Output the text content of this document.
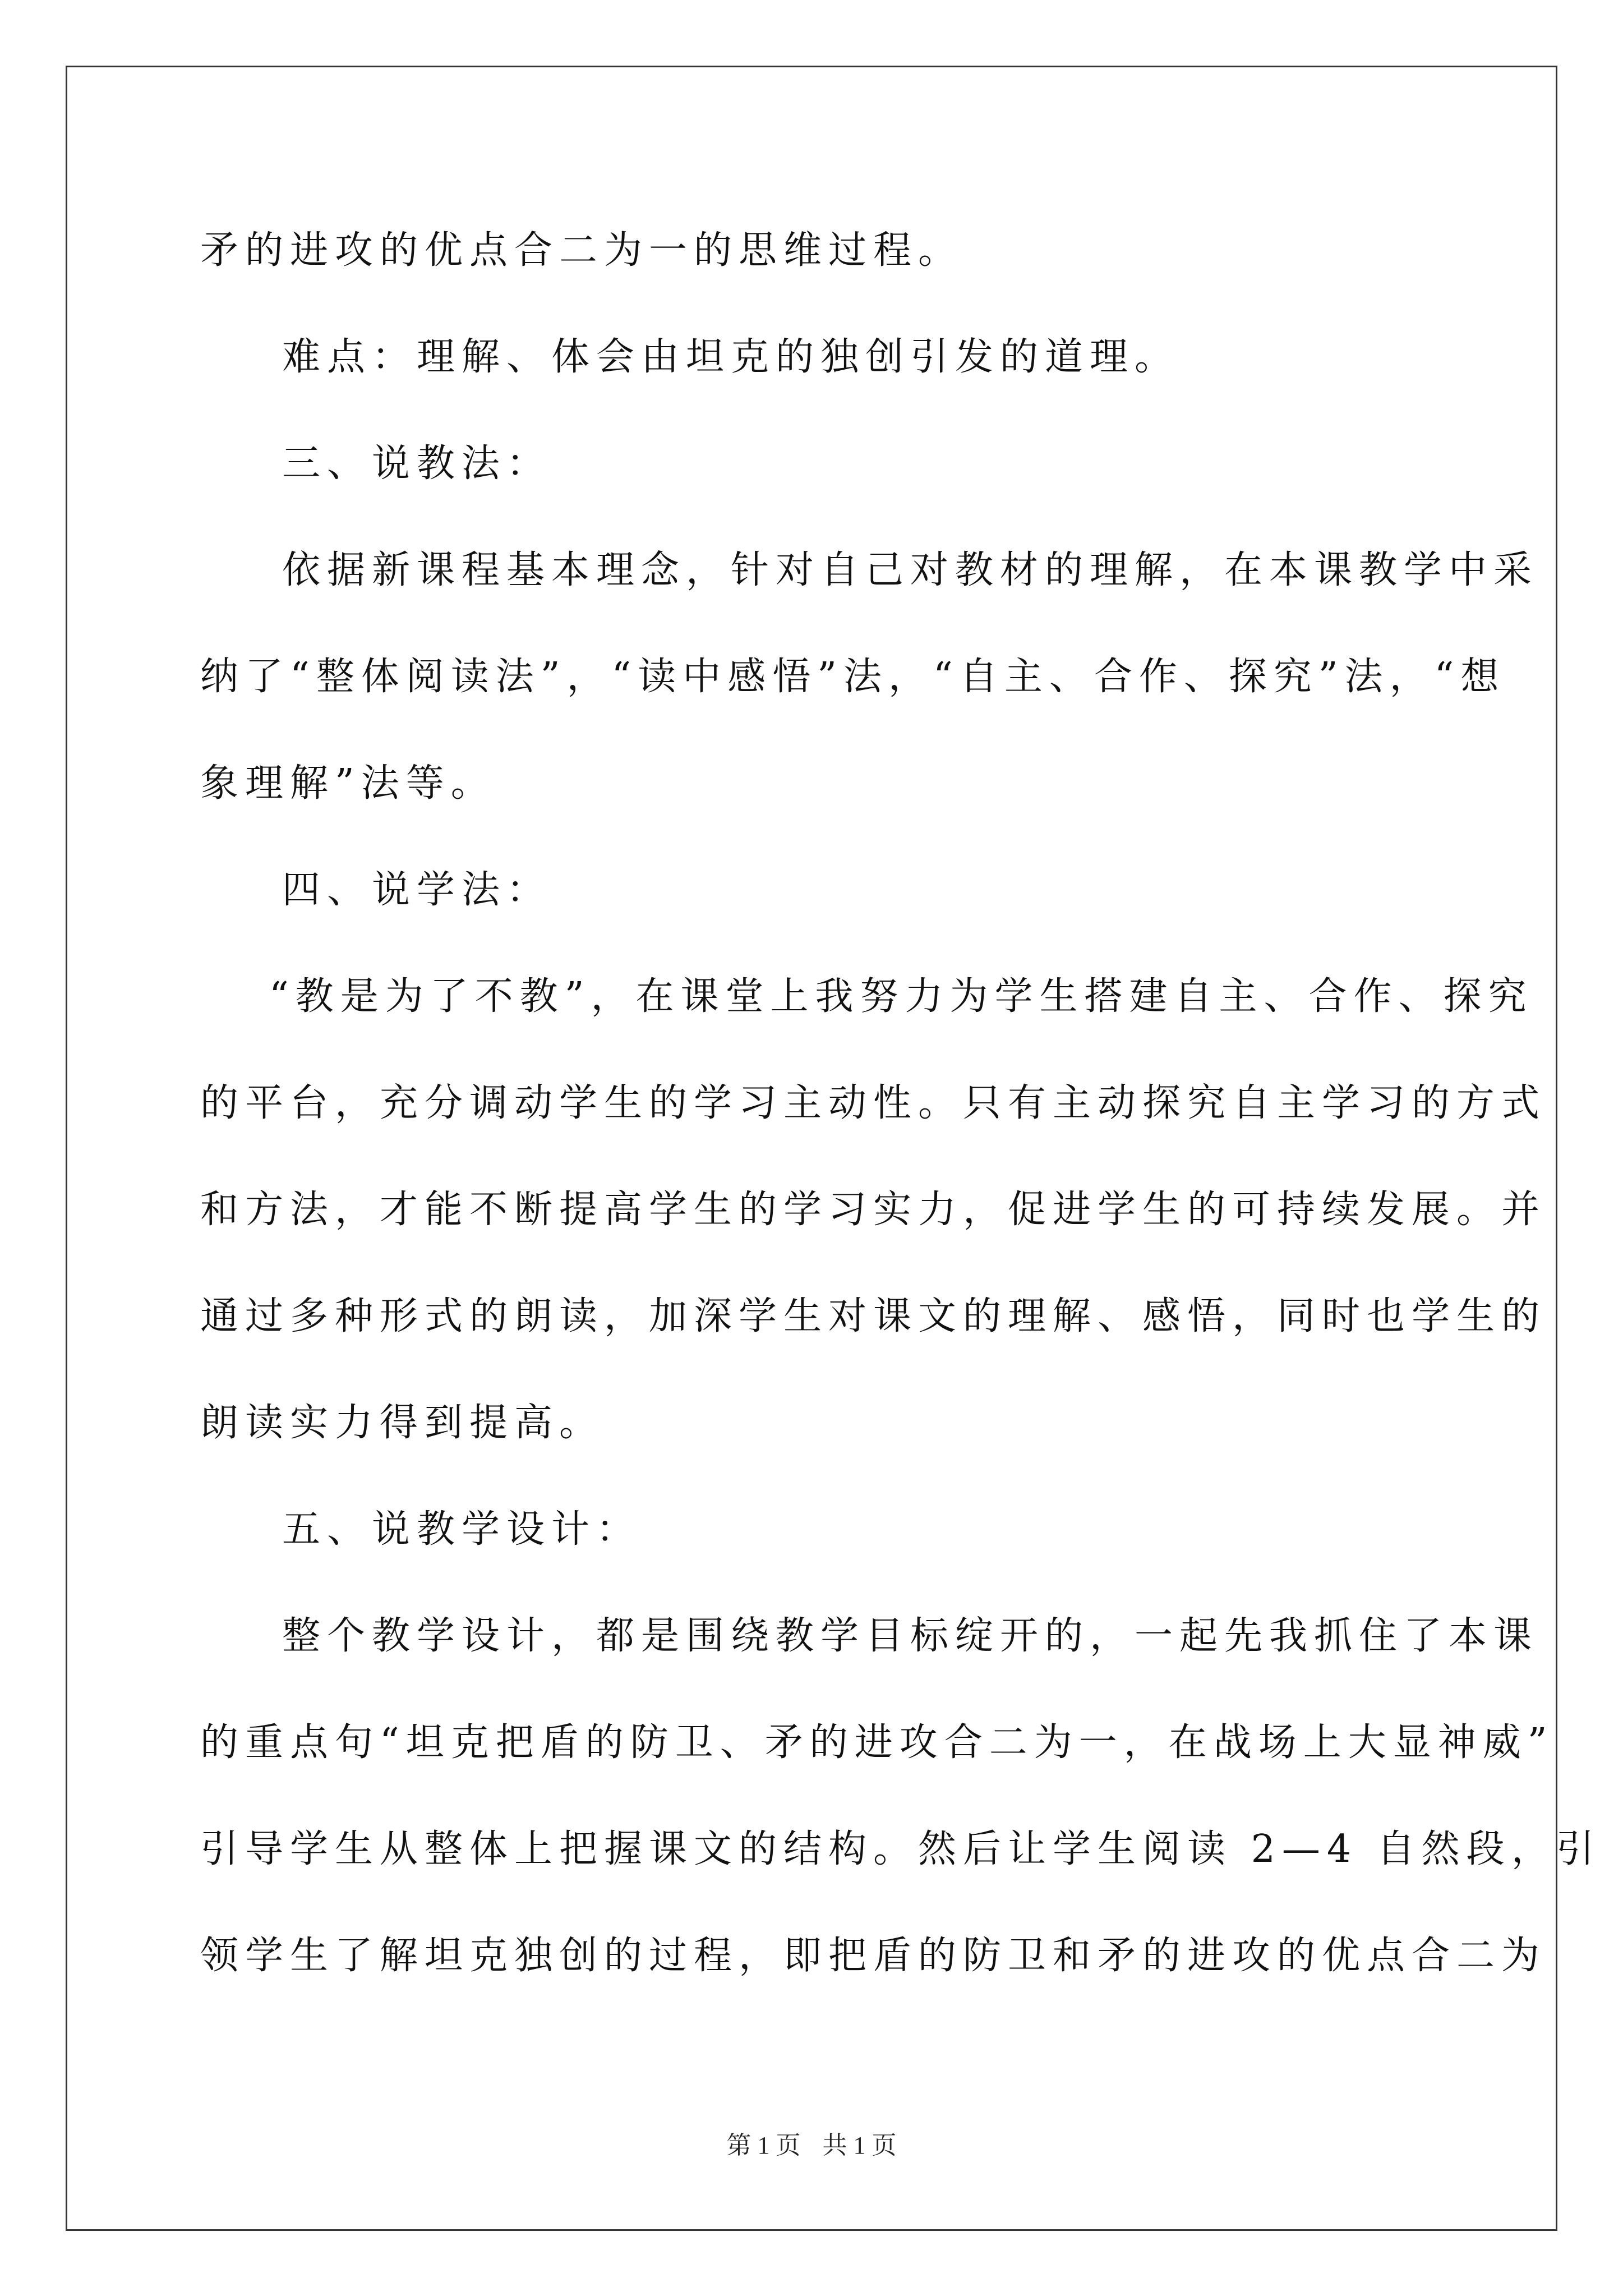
矛的进攻的优点合二为一的思维过程。
难点：理解、体会由坦克的独创引发的道理。
三、说教法：
依据新课程基本理念，针对自己对教材的理解，在本课教学中采
纳了“整体阅读法”，“读中感悟”法，“自主、合作、探究”法，“想
象理解”法等。
四、说学法：
“教是为了不教”，在课堂上我努力为学生搭建自主、合作、探究
的平台，充分调动学生的学习主动性。只有主动探究自主学习的方式
和方法，才能不断提高学生的学习实力，促进学生的可持续发展。并
通过多种形式的朗读，加深学生对课文的理解、感悟，同时也学生的
朗读实力得到提高。
五、说教学设计：
整个教学设计，都是围绕教学目标绽开的，一起先我抓住了本课
的重点句“坦克把盾的防卫、矛的进攻合二为一，在战场上大显神威”
引导学生从整体上把握课文的结构。然后让学生阅读 2—4 自然段，引
领学生了解坦克独创的过程，即把盾的防卫和矛的进攻的优点合二为
第 1 页 共 1 页
